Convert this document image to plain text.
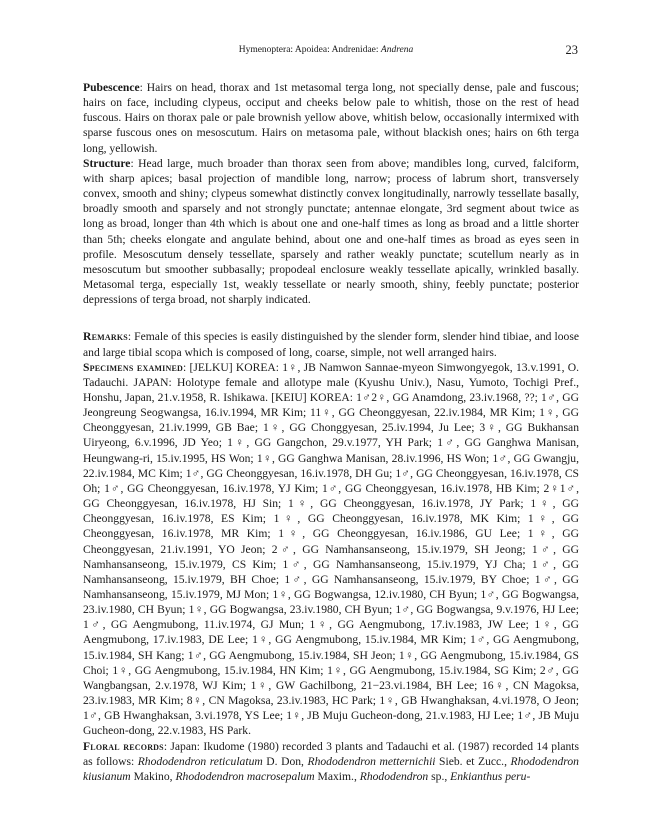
Hymenoptera: Apoidea: Andrenidae: Andrena	23

Pubescence: Hairs on head, thorax and 1st metasomal terga long, not specially dense, pale and fuscous; hairs on face, including clypeus, occiput and cheeks below pale to whitish, those on the rest of head fuscous. Hairs on thorax pale or pale brownish yellow above, whitish below, occasionally intermixed with sparse fuscous ones on mesoscutum. Hairs on metasoma pale, without blackish ones; hairs on 6th terga long, yellowish.

Structure: Head large, much broader than thorax seen from above; mandibles long, curved, falciform, with sharp apices; basal projection of mandible long, narrow; process of labrum short, transversely convex, smooth and shiny; clypeus somewhat distinctly convex longitudinally, narrowly tessellate basally, broadly smooth and sparsely and not strongly punctate; antennae elongate, 3rd segment about twice as long as broad, longer than 4th which is about one and one-half times as long as broad and a little shorter than 5th; cheeks elongate and angulate behind, about one and one-half times as broad as eyes seen in profile. Mesoscutum densely tessellate, sparsely and rather weakly punctate; scutellum nearly as in mesoscutum but smoother subbasally; propodeal enclosure weakly tessellate apically, wrinkled basally. Metasomal terga, especially 1st, weakly tessellate or nearly smooth, shiny, feebly punctate; posterior depressions of terga broad, not sharply indicated.

Remarks: Female of this species is easily distinguished by the slender form, slender hind tibiae, and loose and large tibial scopa which is composed of long, coarse, simple, not well arranged hairs.

Specimens examined: [JELKU] KOREA: 1♀, JB Namwon Sannae-myeon Simwongyegok, 13.v.1991, O. Tadauchi. JAPAN: Holotype female and allotype male (Kyushu Univ.), Nasu, Yumoto, Tochigi Pref., Honshu, Japan, 21.v.1958, R. Ishikawa. [KEIU] KOREA: 1♂2♀, GG Anamdong, 23.iv.1968, ??; 1♂, GG Jeongreung Seogwangsa, 16.iv.1994, MR Kim; 11♀, GG Cheonggyesan, 22.iv.1984, MR Kim; 1♀, GG Cheonggyesan, 21.iv.1999, GB Bae; 1♀, GG Chonggyesan, 25.iv.1994, Ju Lee; 3♀, GG Bukhansan Uiryeong, 6.v.1996, JD Yeo; 1♀, GG Gangchon, 29.v.1977, YH Park; 1♂, GG Ganghwa Manisan, Heungwang-ri, 15.iv.1995, HS Won; 1♀, GG Ganghwa Manisan, 28.iv.1996, HS Won; 1♂, GG Gwangju, 22.iv.1984, MC Kim; 1♂, GG Cheonggyesan, 16.iv.1978, DH Gu; 1♂, GG Cheonggyesan, 16.iv.1978, CS Oh; 1♂, GG Cheonggyesan, 16.iv.1978, YJ Kim; 1♂, GG Cheonggyesan, 16.iv.1978, HB Kim; 2♀1♂, GG Cheonggyesan, 16.iv.1978, HJ Sin; 1♀, GG Cheonggyesan, 16.iv.1978, JY Park; 1♀, GG Cheonggyesan, 16.iv.1978, ES Kim; 1♀, GG Cheonggyesan, 16.iv.1978, MK Kim; 1♀, GG Cheonggyesan, 16.iv.1978, MR Kim; 1♀, GG Cheonggyesan, 16.iv.1986, GU Lee; 1♀, GG Cheonggyesan, 21.iv.1991, YO Jeon; 2♂, GG Namhansanseong, 15.iv.1979, SH Jeong; 1♂, GG Namhansanseong, 15.iv.1979, CS Kim; 1♂, GG Namhansanseong, 15.iv.1979, YJ Cha; 1♂, GG Namhansanseong, 15.iv.1979, BH Choe; 1♂, GG Namhansanseong, 15.iv.1979, BY Choe; 1♂, GG Namhansanseong, 15.iv.1979, MJ Mon; 1♀, GG Bogwangsa, 12.iv.1980, CH Byun; 1♂, GG Bogwangsa, 23.iv.1980, CH Byun; 1♀, GG Bogwangsa, 23.iv.1980, CH Byun; 1♂, GG Bogwangsa, 9.v.1976, HJ Lee; 1♂, GG Aengmubong, 11.iv.1974, GJ Mun; 1♀, GG Aengmubong, 17.iv.1983, JW Lee; 1♀, GG Aengmubong, 17.iv.1983, DE Lee; 1♀, GG Aengmubong, 15.iv.1984, MR Kim; 1♂, GG Aengmubong, 15.iv.1984, SH Kang; 1♂, GG Aengmubong, 15.iv.1984, SH Jeon; 1♀, GG Aengmubong, 15.iv.1984, GS Choi; 1♀, GG Aengmubong, 15.iv.1984, HN Kim; 1♀, GG Aengmubong, 15.iv.1984, SG Kim; 2♂, GG Wangbangsan, 2.v.1978, WJ Kim; 1♀, GW Gachilbong, 21−23.vi.1984, BH Lee; 16♀, CN Magoksa, 23.iv.1983, MR Kim; 8♀, CN Magoksa, 23.iv.1983, HC Park; 1♀, GB Hwanghaksan, 4.vi.1978, O Jeon; 1♂, GB Hwanghaksan, 3.vi.1978, YS Lee; 1♀, JB Muju Gucheon-dong, 21.v.1983, HJ Lee; 1♂, JB Muju Gucheon-dong, 22.v.1983, HS Park.

Floral records: Japan: Ikudome (1980) recorded 3 plants and Tadauchi et al. (1987) recorded 14 plants as follows: Rhododendron reticulatum D. Don, Rhododendron metternichii Sieb. et Zucc., Rhododendron kiusianum Makino, Rhododendron macrosepalum Maxim., Rhododendron sp., Enkianthus peru-
